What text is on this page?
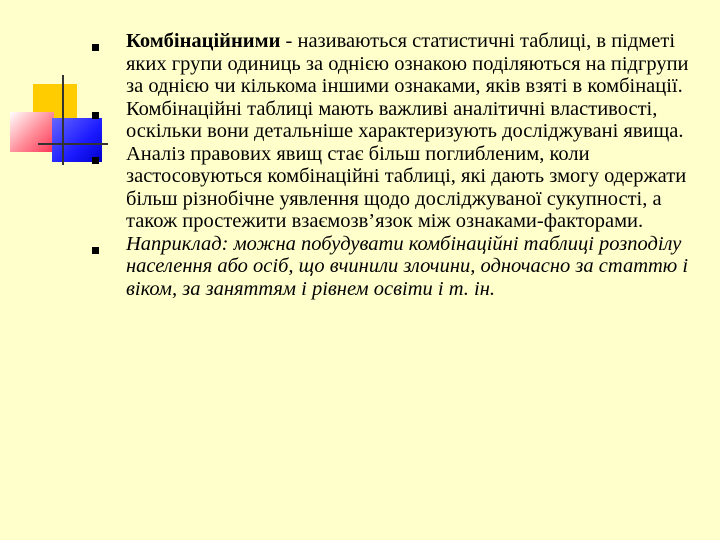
Комбінаційними - називаються статистичні таблиці, в підметі яких групи одиниць за однією ознакою поділяються на підгрупи за однією чи кількома іншими ознаками, яків взяті в комбінації.

Комбінаційні таблиці мають важливі аналітичні властивості, оскільки вони детальніше характеризують досліджувані явища.

Аналіз правових явищ стає більш поглибленим, коли застосовуються комбінаційні таблиці, які дають змогу одержати більш різнобічне уявлення щодо досліджуваної сукупності, а також простежити взаємозв’язок між ознаками-факторами.

Наприклад: можна побудувати комбінаційні таблиці розподілу населення або осіб, що вчинили злочини, одночасно за статтю і віком, за заняттям і рівнем освіти і т. ін.
